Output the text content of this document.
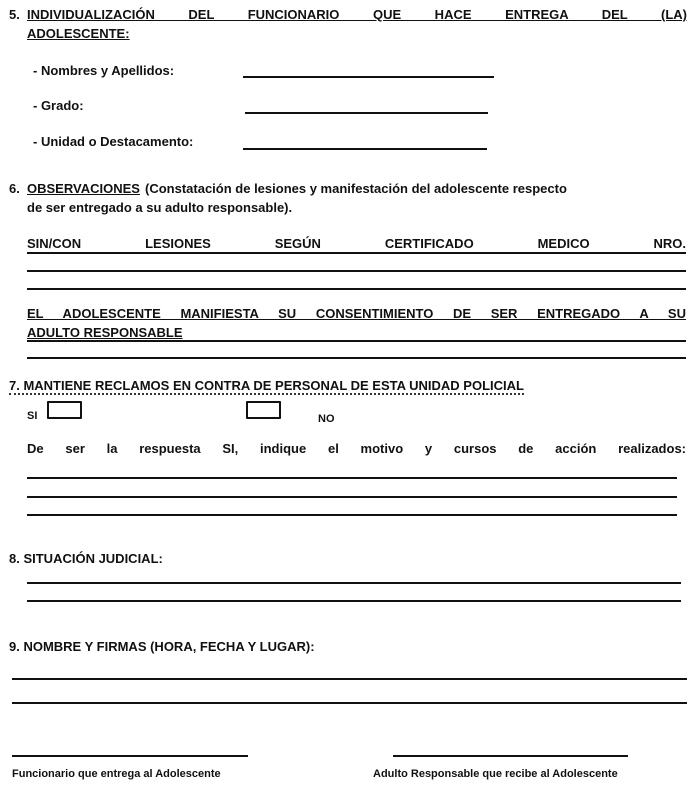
5. INDIVIDUALIZACIÓN DEL FUNCIONARIO QUE HACE ENTREGA DEL (LA)
ADOLESCENTE:
- Nombres y Apellidos:
- Grado:
- Unidad o Destacamento:
6. OBSERVACIONES (Constatación de lesiones y manifestación del adolescente respecto
de ser entregado a su adulto responsable).
SIN/CON LESIONES SEGÚN CERTIFICADO MEDICO NRO.
EL ADOLESCENTE MANIFIESTA SU CONSENTIMIENTO DE SER ENTREGADO A SU
ADULTO RESPONSABLE
7. MANTIENE RECLAMOS EN CONTRA DE PERSONAL DE ESTA UNIDAD POLICIAL
SI	NO
De ser la respuesta SI, indique el motivo y cursos de acción realizados:
8. SITUACIÓN JUDICIAL:
9. NOMBRE Y FIRMAS (HORA, FECHA Y LUGAR):
Funcionario que entrega al Adolescente	Adulto Responsable que recibe al Adolescente
